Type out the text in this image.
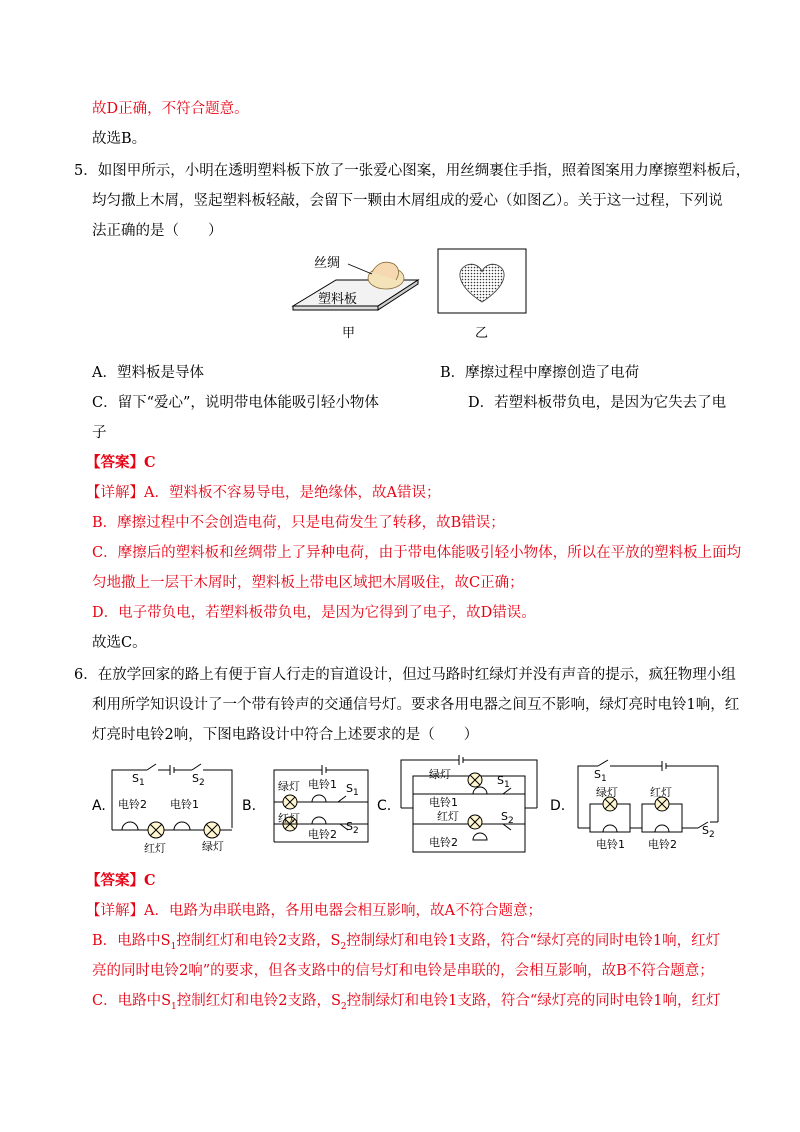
故D正确，不符合题意。
故选B。
5．如图甲所示，小明在透明塑料板下放了一张爱心图案，用丝绸裹住手指，照着图案用力摩擦塑料板后，
均匀撒上木屑，竖起塑料板轻敲，会留下一颗由木屑组成的爱心（如图乙）。关于这一过程，下列说
法正确的是（　　）
丝绸
塑料板
甲	乙
A．塑料板是导体	B．摩擦过程中摩擦创造了电荷
C．留下“爱心”，说明带电体能吸引轻小物体	D．若塑料板带负电，是因为它失去了电
子
【答案】C
【详解】A．塑料板不容易导电，是绝缘体，故A错误；
B．摩擦过程中不会创造电荷，只是电荷发生了转移，故B错误；
C．摩擦后的塑料板和丝绸带上了异种电荷，由于带电体能吸引轻小物体，所以在平放的塑料板上面均
匀地撒上一层干木屑时，塑料板上带电区域把木屑吸住，故C正确；
D．电子带负电，若塑料板带负电，是因为它得到了电子，故D错误。
故选C。
6．在放学回家的路上有便于盲人行走的盲道设计，但过马路时红绿灯并没有声音的提示，疯狂物理小组
利用所学知识设计了一个带有铃声的交通信号灯。要求各用电器之间互不影响，绿灯亮时电铃1响，红
灯亮时电铃2响，下图电路设计中符合上述要求的是（　　）
A.
$S_1$	$S_2$
电铃2 电铃1
红灯	绿灯
B.
绿灯 电铃1 $S_1$
红灯
电铃2
$S_2$
C.
绿灯	$S_1$
电铃1
红灯	$S_2$
电铃2
D.
$S_1$
绿灯	红灯
$S_2$
电铃1 电铃2
【答案】C
【详解】A．电路为串联电路，各用电器会相互影响，故A不符合题意；
B．电路中$S_1$控制红灯和电铃2支路，$S_2$控制绿灯和电铃1支路，符合“绿灯亮的同时电铃1响，红灯
亮的同时电铃2响”的要求，但各支路中的信号灯和电铃是串联的，会相互影响，故B不符合题意；
C．电路中$S_1$控制红灯和电铃2支路，$S_2$控制绿灯和电铃1支路，符合“绿灯亮的同时电铃1响，红灯
